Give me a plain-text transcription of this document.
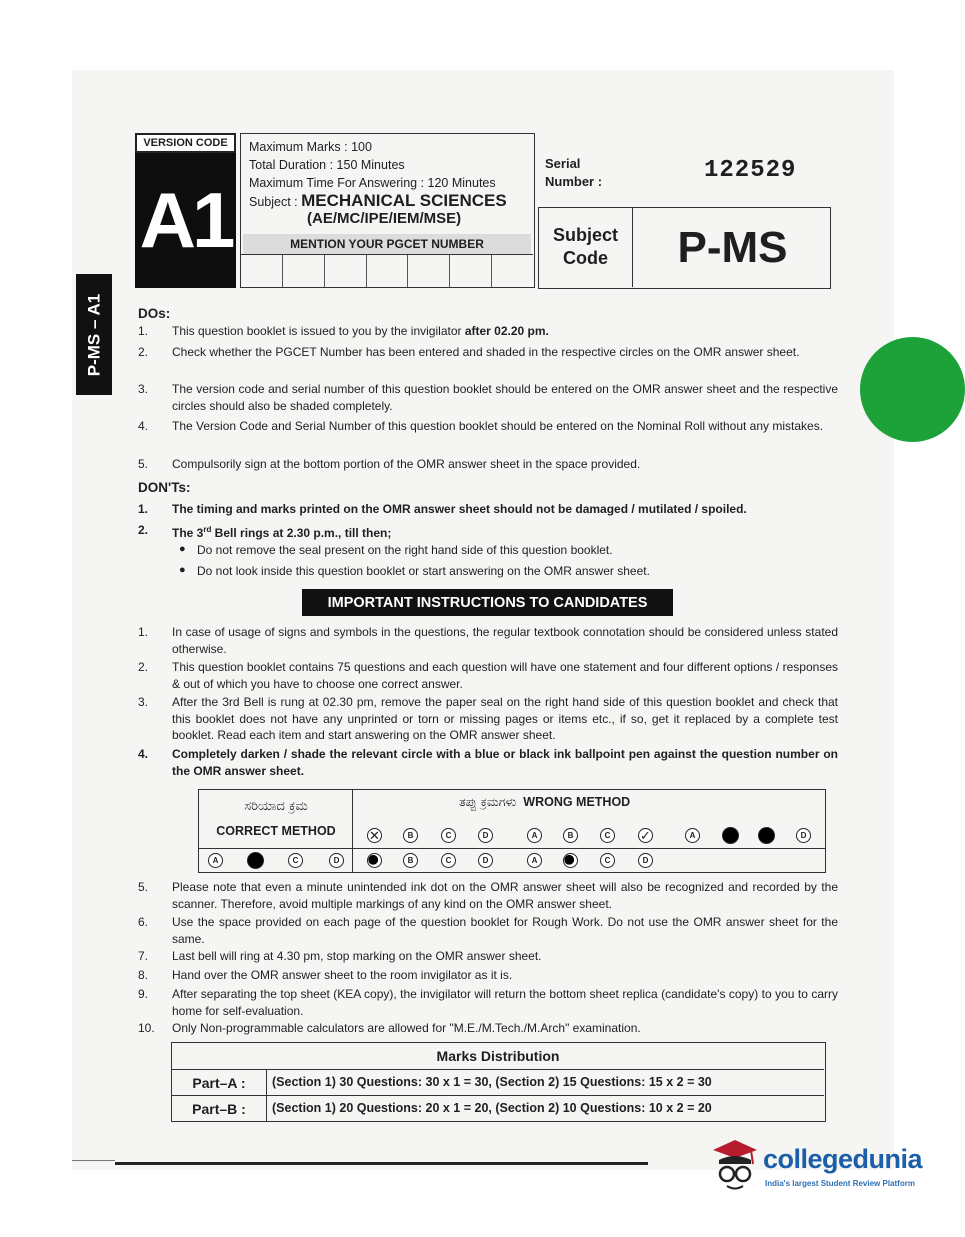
VERSION CODE
A1
Maximum Marks : 100
Total Duration : 150 Minutes
Maximum Time For Answering : 120 Minutes
Subject : MECHANICAL SCIENCES
(AE/MC/IPE/IEM/MSE)
MENTION YOUR PGCET NUMBER
Serial
Number :	122529
Subject
Code	P-MS
P-MS – A1	DOs:
1.	This question booklet is issued to you by the invigilator after 02.20 pm.
2.	Check whether the PGCET Number has been entered and shaded in the respective circles on the OMR answer sheet.
3.	The version code and serial number of this question booklet should be entered on the OMR answer sheet and the respective circles should also be shaded completely.
4.	The Version Code and Serial Number of this question booklet should be entered on the Nominal Roll without any mistakes.
5.	Compulsorily sign at the bottom portion of the OMR answer sheet in the space provided.
DON'Ts:
1.	The timing and marks printed on the OMR answer sheet should not be damaged / mutilated / spoiled.
2.	The 3rd Bell rings at 2.30 p.m., till then;
● Do not remove the seal present on the right hand side of this question booklet.
● Do not look inside this question booklet or start answering on the OMR answer sheet.
IMPORTANT INSTRUCTIONS TO CANDIDATES
1.	In case of usage of signs and symbols in the questions, the regular textbook connotation should be considered unless stated otherwise.
2.	This question booklet contains 75 questions and each question will have one statement and four different options / responses & out of which you have to choose one correct answer.
3.	After the 3rd Bell is rung at 02.30 pm, remove the paper seal on the right hand side of this question booklet and check that this booklet does not have any unprinted or torn or missing pages or items etc., if so, get it replaced by a complete test booklet. Read each item and start answering on the OMR answer sheet.
4.	Completely darken / shade the relevant circle with a blue or black ink ballpoint pen against the question number on the OMR answer sheet.
ಸರಿಯಾದ ಕ್ರಮ
CORRECT METHOD
ತಪ್ಪು ಕ್ರಮಗಳು WRONG METHOD
A	C	D
✕	B	C	D	A	B	C	✓	A	D
B	C	D	A	C	D
5.	Please note that even a minute unintended ink dot on the OMR answer sheet will also be recognized and recorded by the scanner. Therefore, avoid multiple markings of any kind on the OMR answer sheet.
6.	Use the space provided on each page of the question booklet for Rough Work. Do not use the OMR answer sheet for the same.
7.	Last bell will ring at 4.30 pm, stop marking on the OMR answer sheet.
8.	Hand over the OMR answer sheet to the room invigilator as it is.
9.	After separating the top sheet (KEA copy), the invigilator will return the bottom sheet replica (candidate's copy) to you to carry home for self-evaluation.
10.	Only Non-programmable calculators are allowed for "M.E./M.Tech./M.Arch" examination.
Marks Distribution
Part–A :	(Section 1) 30 Questions: 30 x 1 = 30, (Section 2) 15 Questions: 15 x 2 = 30
Part–B :	(Section 1) 20 Questions: 20 x 1 = 20, (Section 2) 10 Questions: 10 x 2 = 20
collegedunia
India's largest Student Review Platform
